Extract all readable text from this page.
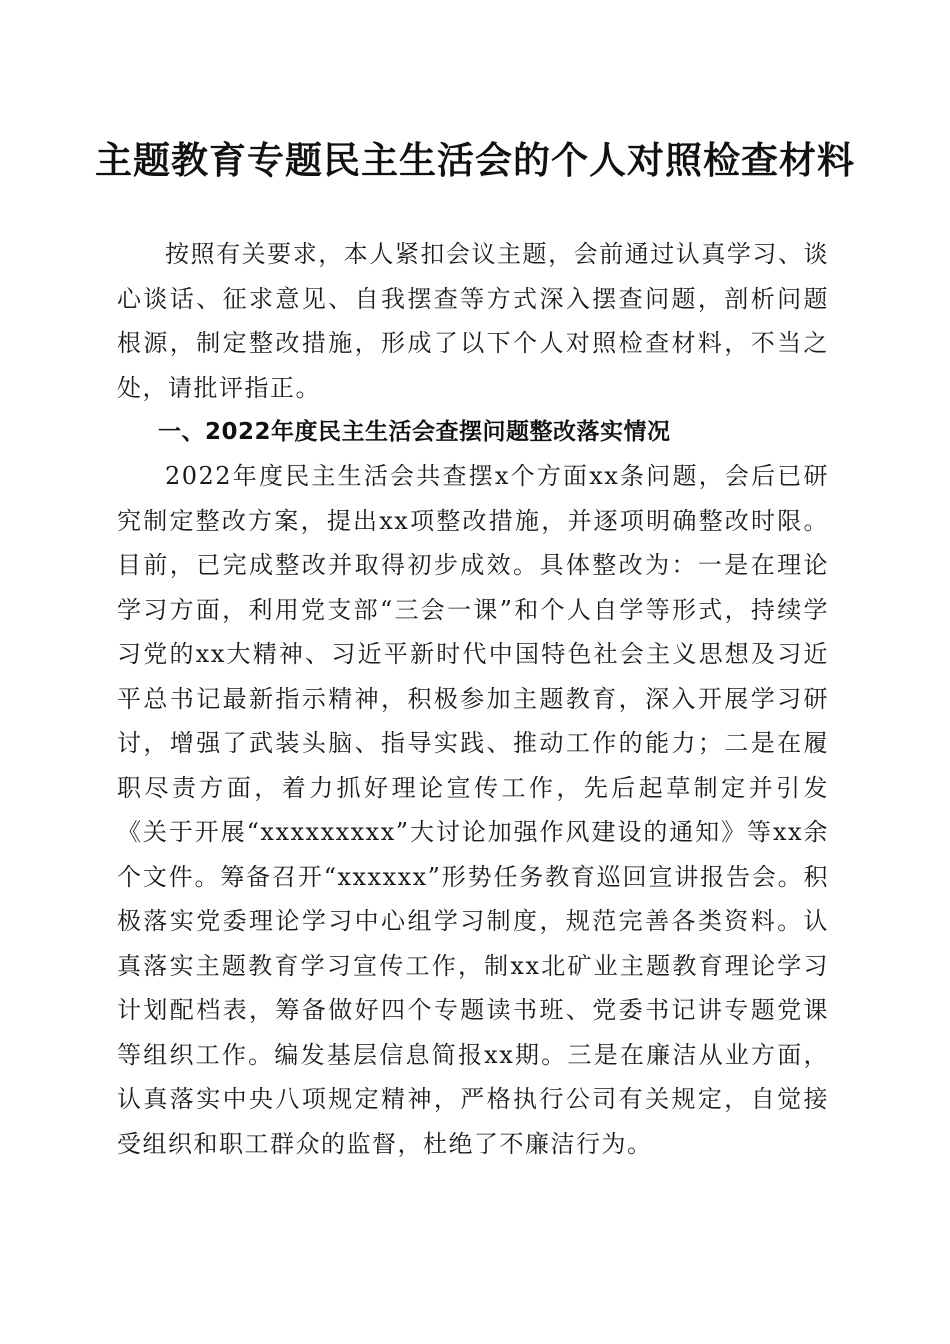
主题教育专题民主生活会的个人对照检查材料

按照有关要求，本人紧扣会议主题，会前通过认真学习、谈心谈话、征求意见、自我摆查等方式深入摆查问题，剖析问题根源，制定整改措施，形成了以下个人对照检查材料，不当之处，请批评指正。

一、2022年度民主生活会查摆问题整改落实情况

2022年度民主生活会共查摆x个方面xx条问题，会后已研究制定整改方案，提出xx项整改措施，并逐项明确整改时限。目前，已完成整改并取得初步成效。具体整改为：一是在理论学习方面，利用党支部“三会一课”和个人自学等形式，持续学习党的xx大精神、习近平新时代中国特色社会主义思想及习近平总书记最新指示精神，积极参加主题教育，深入开展学习研讨，增强了武装头脑、指导实践、推动工作的能力；二是在履职尽责方面，着力抓好理论宣传工作，先后起草制定并引发《关于开展“xxxxxxxxx”大讨论加强作风建设的通知》等xx余个文件。筹备召开“xxxxxx”形势任务教育巡回宣讲报告会。积极落实党委理论学习中心组学习制度，规范完善各类资料。认真落实主题教育学习宣传工作，制xx北矿业主题教育理论学习计划配档表，筹备做好四个专题读书班、党委书记讲专题党课等组织工作。编发基层信息简报xx期。三是在廉洁从业方面，认真落实中央八项规定精神，严格执行公司有关规定，自觉接受组织和职工群众的监督，杜绝了不廉洁行为。
